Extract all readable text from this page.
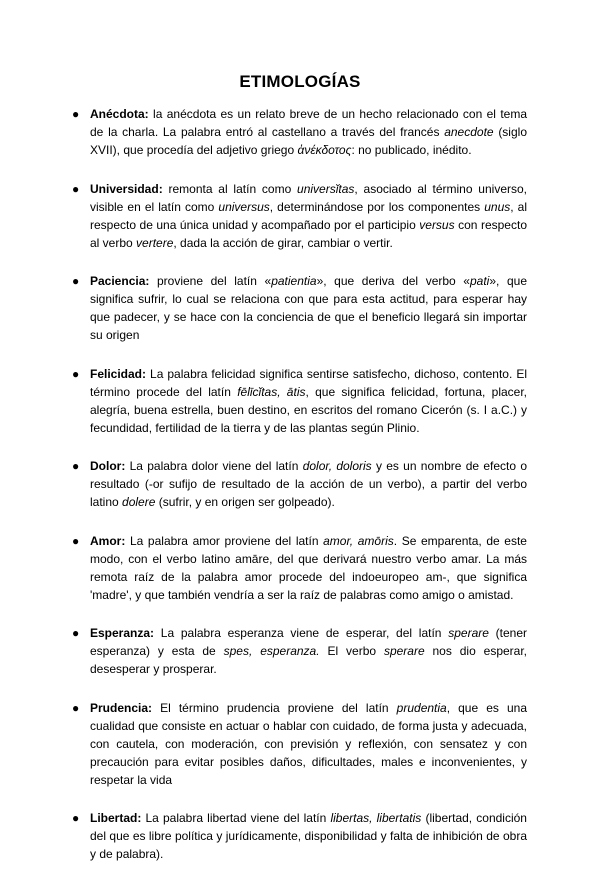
ETIMOLOGÍAS
● Anécdota: la anécdota es un relato breve de un hecho relacionado con el tema de la charla. La palabra entró al castellano a través del francés anecdote (siglo XVII), que procedía del adjetivo griego ἀνέκδοτος: no publicado, inédito.
● Universidad: remonta al latín como universĭtas, asociado al término universo, visible en el latín como universus, determinándose por los componentes unus, al respecto de una única unidad y acompañado por el participio versus con respecto al verbo vertere, dada la acción de girar, cambiar o vertir.
● Paciencia: proviene del latín «patientia», que deriva del verbo «pati», que significa sufrir, lo cual se relaciona con que para esta actitud, para esperar hay que padecer, y se hace con la conciencia de que el beneficio llegará sin importar su origen
● Felicidad: La palabra felicidad significa sentirse satisfecho, dichoso, contento. El término procede del latín fēlīcĭtas, ātis, que significa felicidad, fortuna, placer, alegría, buena estrella, buen destino, en escritos del romano Cicerón (s. I a.C.) y fecundidad, fertilidad de la tierra y de las plantas según Plinio.
● Dolor: La palabra dolor viene del latín dolor, doloris y es un nombre de efecto o resultado (-or sufijo de resultado de la acción de un verbo), a partir del verbo latino dolere (sufrir, y en origen ser golpeado).
● Amor: La palabra amor proviene del latín amor, amōris. Se emparenta, de este modo, con el verbo latino amāre, del que derivará nuestro verbo amar. La más remota raíz de la palabra amor procede del indoeuropeo am-, que significa 'madre', y que también vendría a ser la raíz de palabras como amigo o amistad.
● Esperanza: La palabra esperanza viene de esperar, del latín sperare (tener esperanza) y esta de spes, esperanza. El verbo sperare nos dio esperar, desesperar y prosperar.
● Prudencia: El término prudencia proviene del latín prudentia, que es una cualidad que consiste en actuar o hablar con cuidado, de forma justa y adecuada, con cautela, con moderación, con previsión y reflexión, con sensatez y con precaución para evitar posibles daños, dificultades, males e inconvenientes, y respetar la vida
● Libertad: La palabra libertad viene del latín libertas, libertatis (libertad, condición del que es libre política y jurídicamente, disponibilidad y falta de inhibición de obra y de palabra).
